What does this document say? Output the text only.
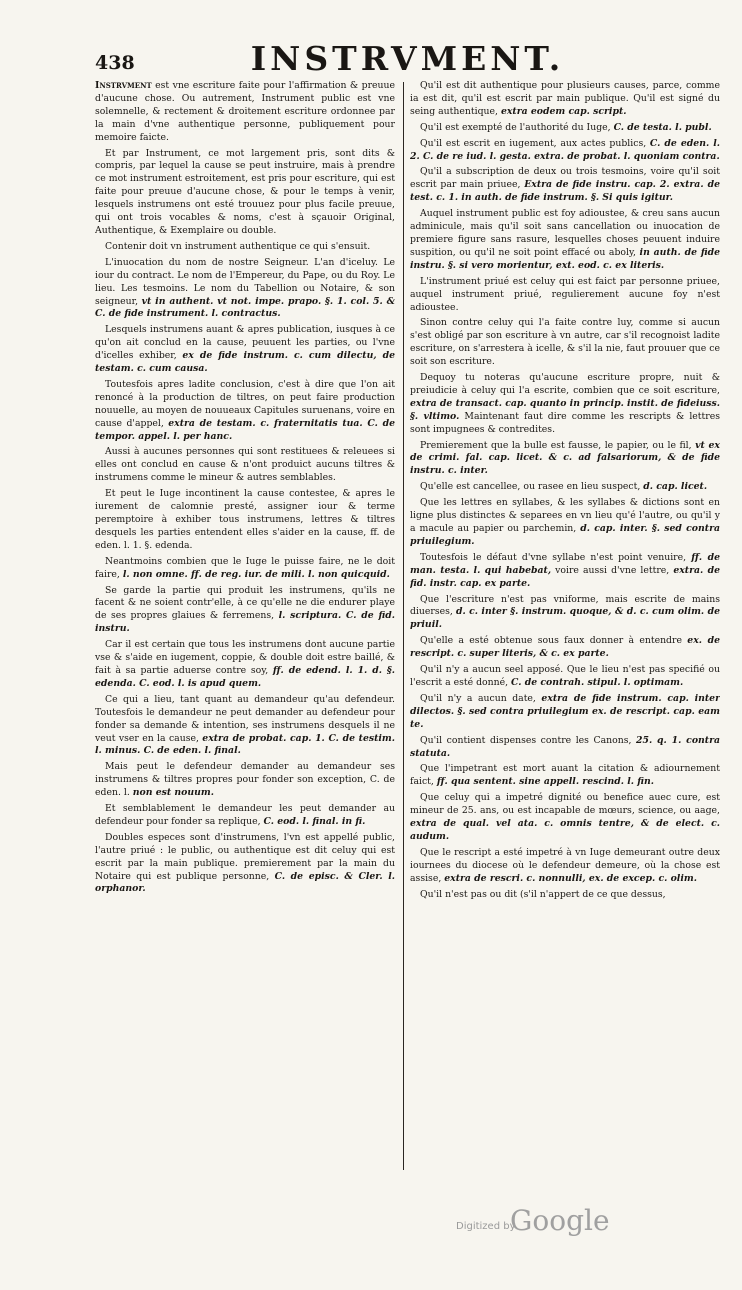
438	INSTRVMENT.

Instrvment est vne escriture faite pour l'affirmation & preuue d'aucune chose. Ou autrement, Instrument public est vne solemnelle, & rectement & droitement escriture ordonnee par la main d'vne authentique personne, publiquement pour memoire faicte.

Et par Instrument, ce mot largement pris, sont dits & compris, par lequel la cause se peut instruire, mais à prendre ce mot instrument estroitement, est pris pour escriture, qui est faite pour preuue d'aucune chose, & pour le temps à venir, lesquels instrumens ont esté trouuez pour plus facile preuue, qui ont trois vocables & noms, c'est à sçauoir Original, Authentique, & Exemplaire ou double.

Contenir doit vn instrument authentique ce qui s'ensuit.

L'inuocation du nom de nostre Seigneur. L'an d'iceluy. Le iour du contract. Le nom de l'Empereur, du Pape, ou du Roy. Le lieu. Les tesmoins. Le nom du Tabellion ou Notaire, & son seigneur, vt in authent. vt not. impe. prapo. §. 1. col. 5. & C. de fide instrument. l. contractus.

Lesquels instrumens auant & apres publication, iusques à ce qu'on ait conclud en la cause, peuuent les parties, ou l'vne d'icelles exhiber, ex de fide instrum. c. cum dilectu, de testam. c. cum causa.

Toutesfois apres ladite conclusion, c'est à dire que l'on ait renoncé à la production de tiltres, on peut faire production nouuelle, au moyen de nouueaux Capitules suruenans, voire en cause d'appel, extra de testam. c. fraternitatis tua. C. de tempor. appel. l. per hanc.

Aussi à aucunes personnes qui sont restituees & releuees si elles ont conclud en cause & n'ont produict aucuns tiltres & instrumens comme le mineur & autres semblables.

Et peut le Iuge incontinent la cause contestee, & apres le iurement de calomnie presté, assigner iour & terme peremptoire à exhiber tous instrumens, lettres & tiltres desquels les parties entendent elles s'aider en la cause, ff. de eden. l. 1. §. edenda.

Neantmoins combien que le Iuge le puisse faire, ne le doit faire, l. non omne. ff. de reg. iur. de mili. l. non quicquid.

Se garde la partie qui produit les instrumens, qu'ils ne facent & ne soient contr'elle, à ce qu'elle ne die endurer playe de ses propres glaiues & ferremens, l. scriptura. C. de fid. instru.

Car il est certain que tous les instrumens dont aucune partie vse & s'aide en iugement, coppie, & double doit estre baillé, & fait à sa partie aduerse contre soy, ff. de edend. l. 1. d. §. edenda. C. eod. l. is apud quem.

Ce qui a lieu, tant quant au demandeur qu'au defendeur. Toutesfois le demandeur ne peut demander au defendeur pour fonder sa demande & intention, ses instrumens desquels il ne veut vser en la cause, extra de probat. cap. 1. C. de testim. l. minus. C. de eden. l. final.

Mais peut le defendeur demander au demandeur ses instrumens & tiltres propres pour fonder son exception, C. de eden. l. non est nouum.

Et semblablement le demandeur les peut demander au defendeur pour fonder sa replique, C. eod. l. final. in fi.

Doubles especes sont d'instrumens, l'vn est appellé public, l'autre priué : le public, ou authentique est dit celuy qui est escrit par la main publique. premierement par la main du Notaire qui est publique personne, C. de episc. & Cler. l. orphanor.

Qu'il est dit authentique pour plusieurs causes, parce, comme ia est dit, qu'il est escrit par main publique. Qu'il est signé du seing authentique, extra eodem cap. script.

Qu'il est exempté de l'authorité du Iuge, C. de testa. l. publ.

Qu'il est escrit en iugement, aux actes publics, C. de eden. l. 2. C. de re iud. l. gesta. extra. de probat. l. quoniam contra.

Qu'il a subscription de deux ou trois tesmoins, voire qu'il soit escrit par main priuee, Extra de fide instru. cap. 2. extra. de test. c. 1. in auth. de fide instrum. §. Si quis igitur.

Auquel instrument public est foy adioustee, & creu sans aucun adminicule, mais qu'il soit sans cancellation ou inuocation de premiere figure sans rasure, lesquelles choses peuuent induire suspition, ou qu'il ne soit point effacé ou aboly, in auth. de fide instru. §. si vero morientur, ext. eod. c. ex literis.

L'instrument priué est celuy qui est faict par personne priuee, auquel instrument priué, regulierement aucune foy n'est adioustee.

Sinon contre celuy qui l'a faite contre luy, comme si aucun s'est obligé par son escriture à vn autre, car s'il recognoist ladite escriture, on s'arrestera à icelle, & s'il la nie, faut prouuer que ce soit son escriture.

Dequoy tu noteras qu'aucune escriture propre, nuit & preiudicie à celuy qui l'a escrite, combien que ce soit escriture, extra de transact. cap. quanto in princip. instit. de fideiuss. §. vltimo. Maintenant faut dire comme les rescripts & lettres sont impugnees & contredites.

Premierement que la bulle est fausse, le papier, ou le fil, vt ex de crimi. fal. cap. licet. & c. ad falsariorum, & de fide instru. c. inter.

Qu'elle est cancellee, ou rasee en lieu suspect, d. cap. licet.

Que les lettres en syllabes, & les syllabes & dictions sont en ligne plus distinctes & separees en vn lieu qu'é l'autre, ou qu'il y a macule au papier ou parchemin, d. cap. inter. §. sed contra priuilegium.

Toutesfois le défaut d'vne syllabe n'est point venuire, ff. de man. testa. l. qui habebat, voire aussi d'vne lettre, extra. de fid. instr. cap. ex parte.

Que l'escriture n'est pas vniforme, mais escrite de mains diuerses, d. c. inter §. instrum. quoque, & d. c. cum olim. de priuil.

Qu'elle a esté obtenue sous faux donner à entendre ex. de rescript. c. super literis, & c. ex parte.

Qu'il n'y a aucun seel apposé. Que le lieu n'est pas specifié ou l'escrit a esté donné, C. de contrah. stipul. l. optimam.

Qu'il n'y a aucun date, extra de fide instrum. cap. inter dilectos. §. sed contra priuilegium ex. de rescript. cap. eam te.

Qu'il contient dispenses contre les Canons, 25. q. 1. contra statuta.

Que l'impetrant est mort auant la citation & adiournement faict, ff. qua sentent. sine appell. rescind. l. fin.

Que celuy qui a impetré dignité ou benefice auec cure, est mineur de 25. ans, ou est incapable de mœurs, science, ou aage, extra de qual. vel ata. c. omnis tentre, & de elect. c. audum.

Que le rescript a esté impetré à vn Iuge demeurant outre deux iournees du diocese où le defendeur demeure, où la chose est assise, extra de rescri. c. nonnulli, ex. de excep. c. olim.

Qu'il n'est pas ou dit (s'il n'appert de ce que dessus,

Digitized by
Google
